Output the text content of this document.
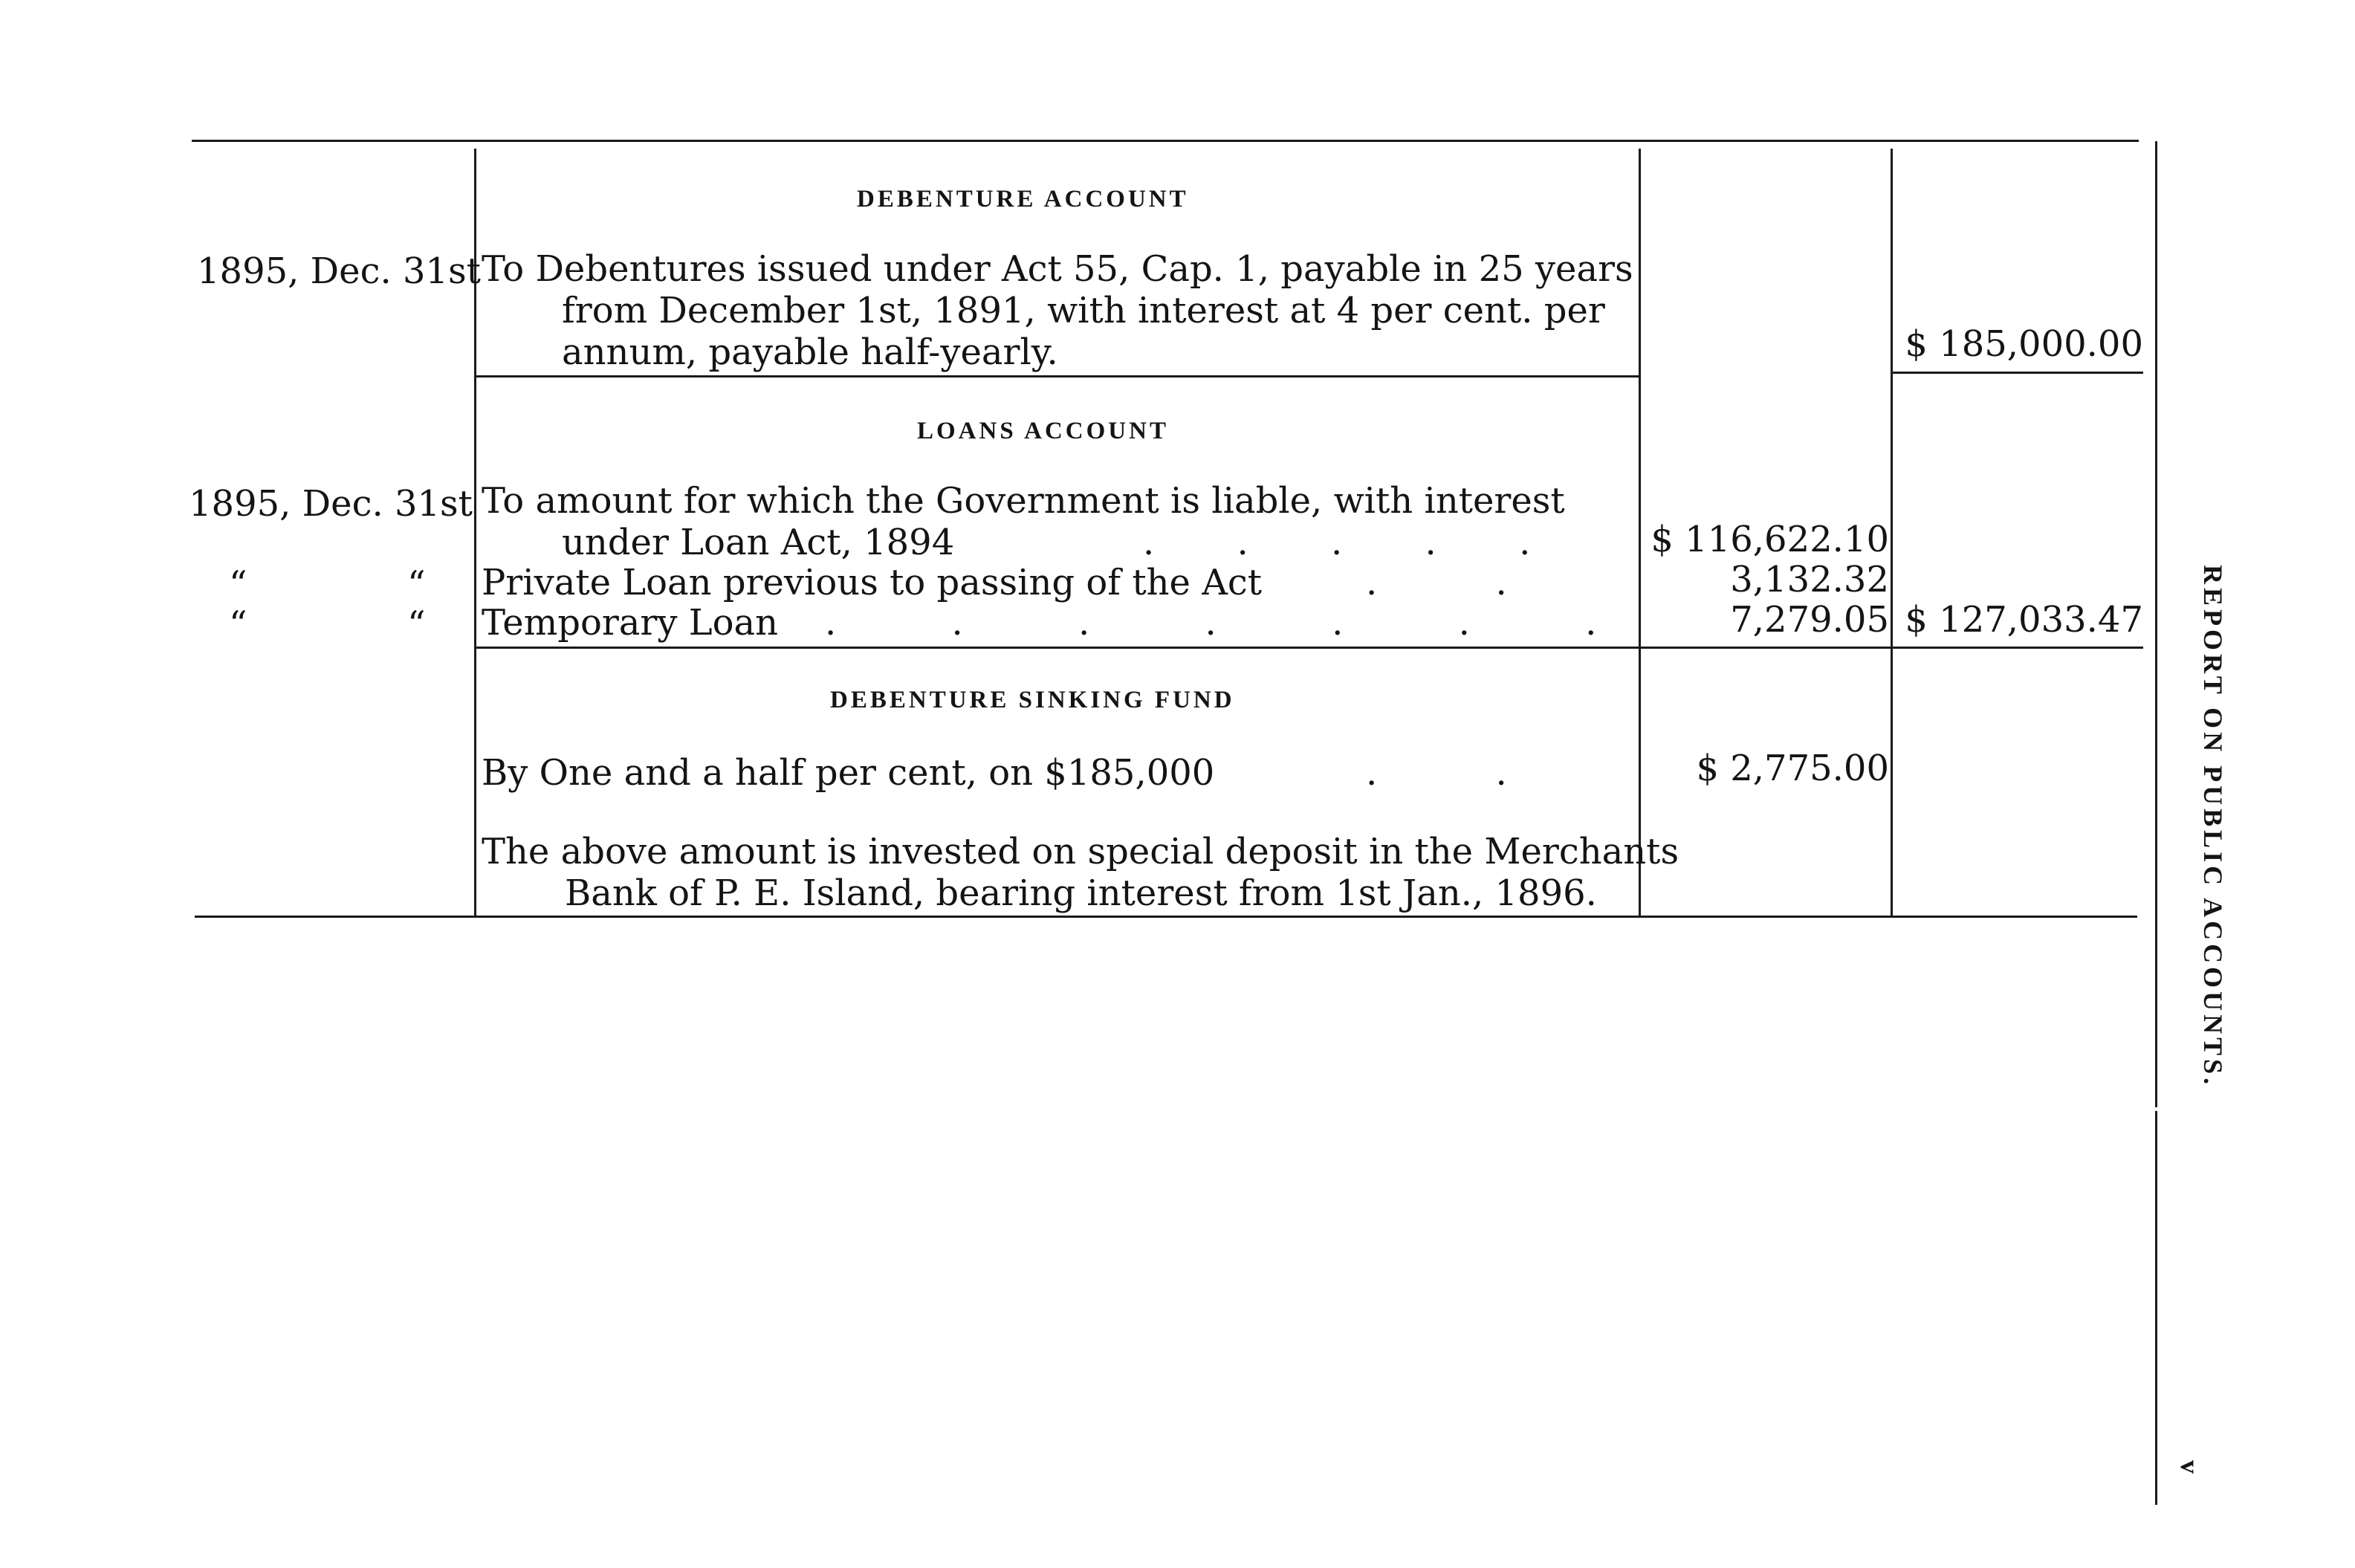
DEBENTURE ACCOUNT
1895, Dec. 31st To Debentures issued under Act 55, Cap. 1, payable in 25 years
from December 1st, 1891, with interest at 4 per cent. per
annum, payable half-yearly.	$ 185,000.00
LOANS ACCOUNT
1895, Dec. 31st To amount for which the Government is liable, with interest
under Loan Act, 1894	. . . . . $ 116,622.10
“	“ Private Loan previous to passing of the Act	. .	3,132.32
“	“ Temporary Loan . . . . . . .	7,279.05 $ 127,033.47
DEBENTURE SINKING FUND
By One and a half per cent, on $185,000	. .	$ 2,775.00
The above amount is invested on special deposit in the Merchants
Bank of P. E. Island, bearing interest from 1st Jan., 1896.	REPORT ON PUBLIC ACCOUNTS.
v
